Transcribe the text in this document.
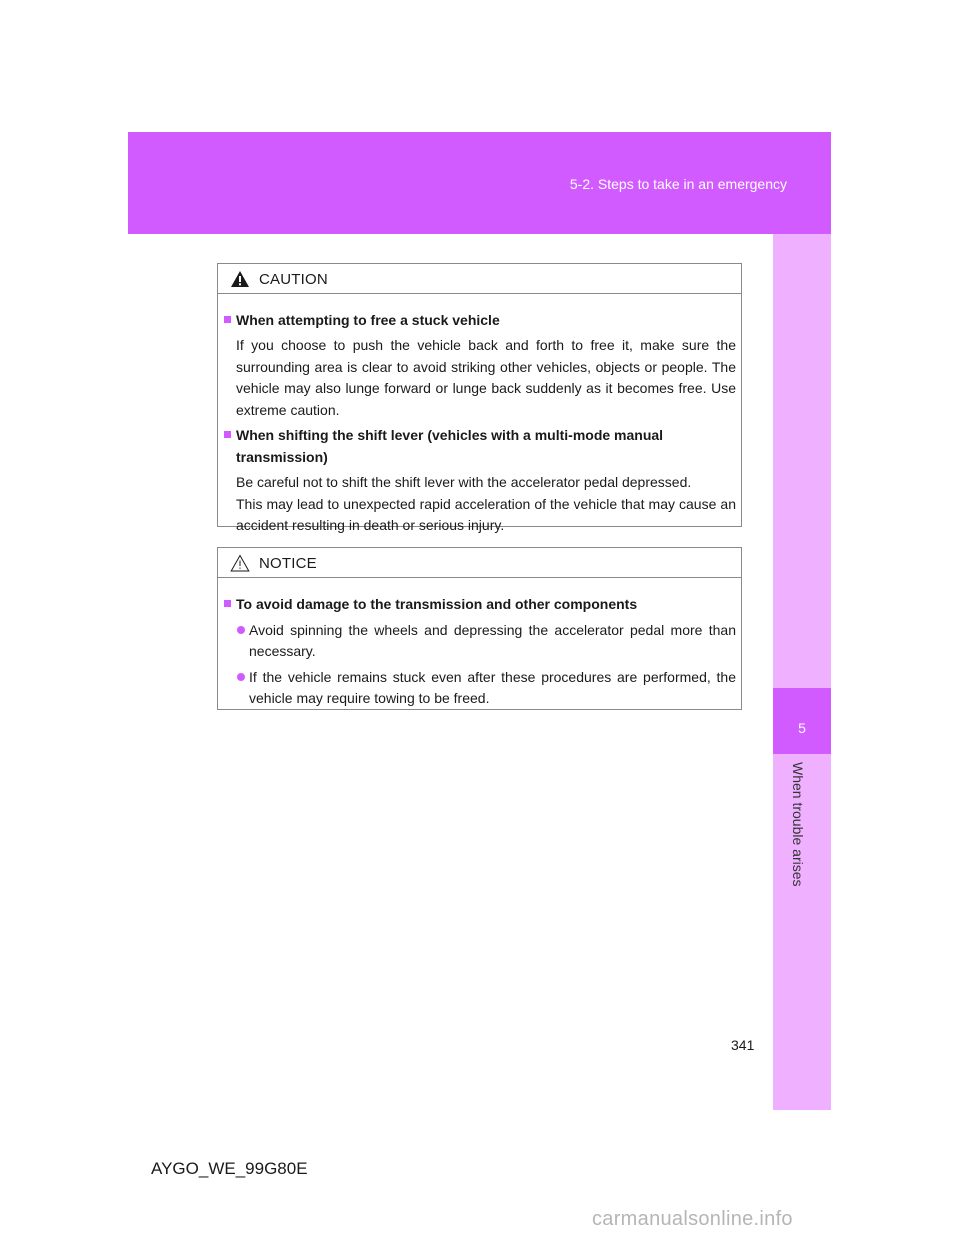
5-2. Steps to take in an emergency
5
When trouble arises
CAUTION
When attempting to free a stuck vehicle
If you choose to push the vehicle back and forth to free it, make sure the surrounding area is clear to avoid striking other vehicles, objects or people. The vehicle may also lunge forward or lunge back suddenly as it becomes free. Use extreme caution.
When shifting the shift lever (vehicles with a multi-mode manual transmission)
Be careful not to shift the shift lever with the accelerator pedal depressed.
This may lead to unexpected rapid acceleration of the vehicle that may cause an accident resulting in death or serious injury.
NOTICE
To avoid damage to the transmission and other components
Avoid spinning the wheels and depressing the accelerator pedal more than necessary.
If the vehicle remains stuck even after these procedures are performed, the vehicle may require towing to be freed.
341
AYGO_WE_99G80E
carmanualsonline.info
